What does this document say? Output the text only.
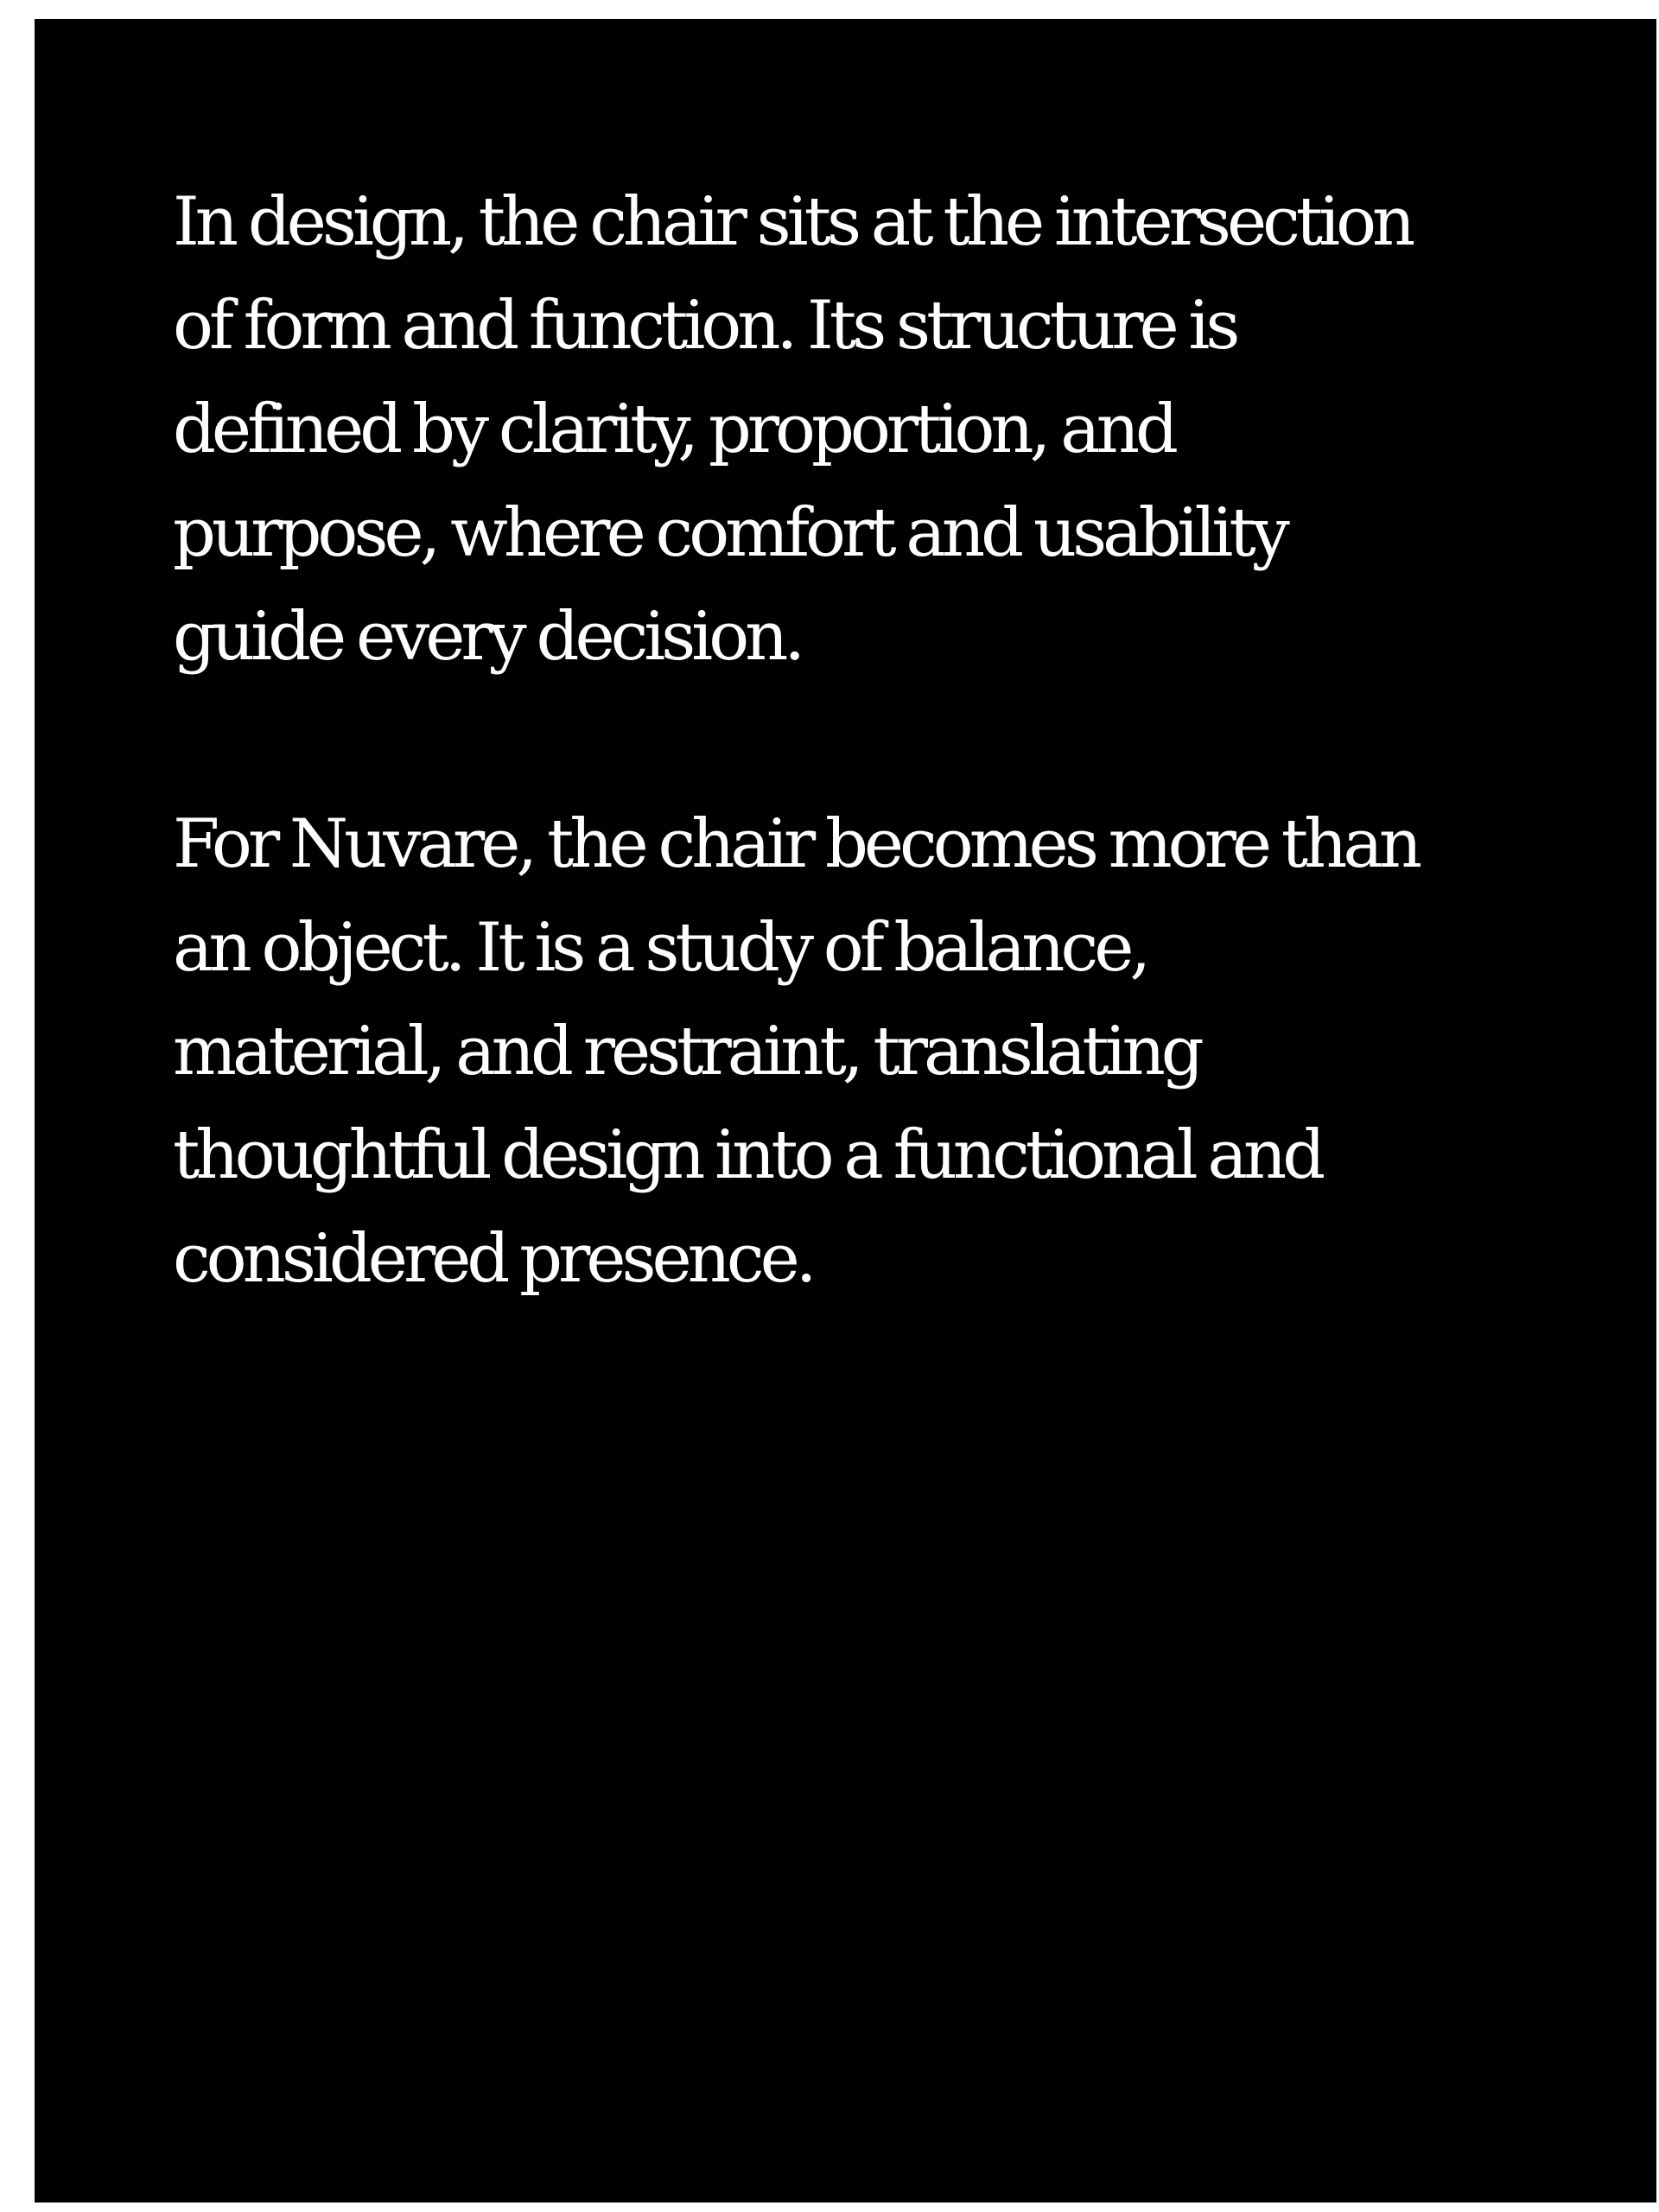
In design, the chair sits at the intersection
of form and function. Its structure is
defined by clarity, proportion, and
purpose, where comfort and usability
guide every decision.

For Nuvare, the chair becomes more than
an object. It is a study of balance,
material, and restraint, translating
thoughtful design into a functional and
considered presence.
